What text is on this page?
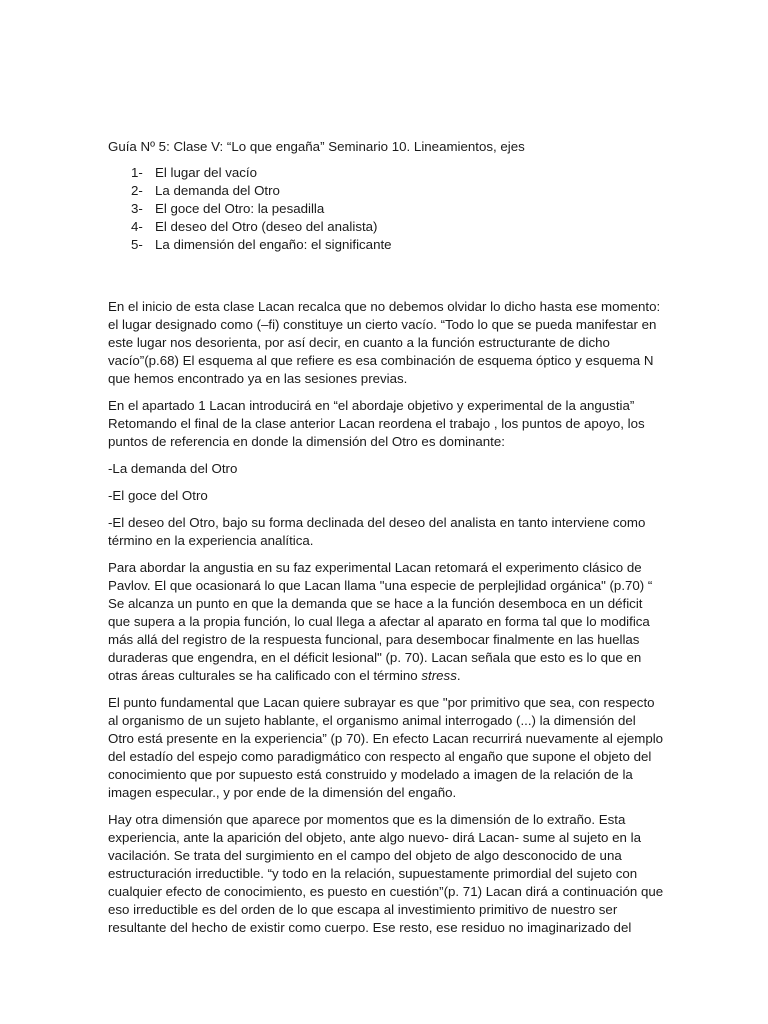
Guía Nº 5: Clase V: “Lo que engaña” Seminario 10. Lineamientos, ejes

1- El lugar del vacío
2- La demanda del Otro
3- El goce del Otro: la pesadilla
4- El deseo del Otro (deseo del analista)
5- La dimensión del engaño: el significante

En el inicio de esta clase Lacan recalca que no debemos olvidar lo dicho hasta ese momento: el lugar designado como (–fi) constituye un cierto vacío. “Todo lo que se pueda manifestar en este lugar nos desorienta, por así decir, en cuanto a la función estructurante de dicho vacío”(p.68) El esquema al que refiere es esa combinación de esquema óptico y esquema N que hemos encontrado ya en las sesiones previas.

En el apartado 1 Lacan introducirá en “el abordaje objetivo y experimental de la angustia” Retomando el final de la clase anterior Lacan reordena el trabajo , los puntos de apoyo, los puntos de referencia en donde la dimensión del Otro es dominante:

-La demanda del Otro

-El goce del Otro

-El deseo del Otro, bajo su forma declinada del deseo del analista en tanto interviene como término en la experiencia analítica.

Para abordar la angustia en su faz experimental Lacan retomará el experimento clásico de Pavlov. El que ocasionará lo que Lacan llama "una especie de perplejlidad orgánica" (p.70) “ Se alcanza un punto en que la demanda que se hace a la función desemboca en un déficit que supera a la propia función, lo cual llega a afectar al aparato en forma tal que lo modifica más allá del registro de la respuesta funcional, para desembocar finalmente en las huellas duraderas que engendra, en el déficit lesional" (p. 70). Lacan señala que esto es lo que en otras áreas culturales se ha calificado con el término stress.

El punto fundamental que Lacan quiere subrayar es que "por primitivo que sea, con respecto al organismo de un sujeto hablante, el organismo animal interrogado (...) la dimensión del Otro está presente en la experiencia” (p 70). En efecto Lacan recurrirá nuevamente al ejemplo del estadío del espejo como paradigmático con respecto al engaño que supone el objeto del conocimiento que por supuesto está construido y modelado a imagen de la relación de la imagen especular., y por ende de la dimensión del engaño.

Hay otra dimensión que aparece por momentos que es la dimensión de lo extraño. Esta experiencia, ante la aparición del objeto, ante algo nuevo- dirá Lacan- sume al sujeto en la vacilación. Se trata del surgimiento en el campo del objeto de algo desconocido de una estructuración irreductible. “y todo en la relación, supuestamente primordial del sujeto con cualquier efecto de conocimiento, es puesto en cuestión”(p. 71) Lacan dirá a continuación que eso irreductible es del orden de lo que escapa al investimiento primitivo de nuestro ser resultante del hecho de existir como cuerpo. Ese resto, ese residuo no imaginarizado del
